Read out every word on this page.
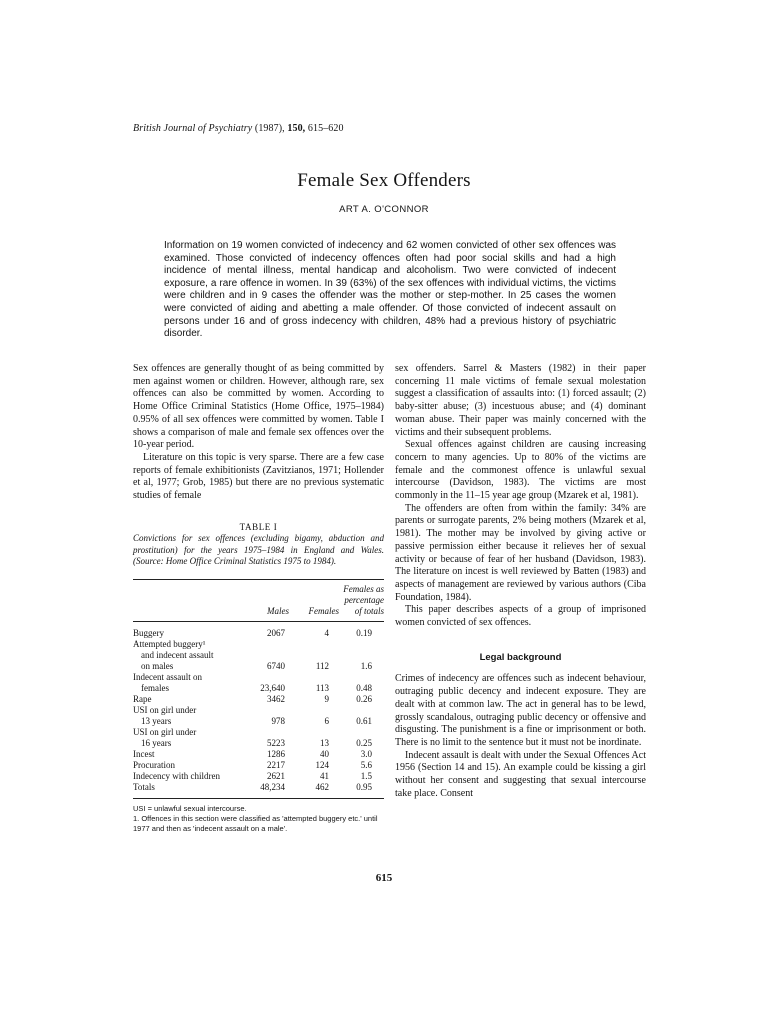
British Journal of Psychiatry (1987), 150, 615–620
Female Sex Offenders
ART A. O'CONNOR

Information on 19 women convicted of indecency and 62 women convicted of other sex offences was examined. Those convicted of indecency offences often had poor social skills and had a high incidence of mental illness, mental handicap and alcoholism. Two were convicted of indecent exposure, a rare offence in women. In 39 (63%) of the sex offences with individual victims, the victims were children and in 9 cases the offender was the mother or step-mother. In 25 cases the women were convicted of aiding and abetting a male offender. Of those convicted of indecent assault on persons under 16 and of gross indecency with children, 48% had a previous history of psychiatric disorder.

Sex offences are generally thought of as being committed by men against women or children. However, although rare, sex offences can also be committed by women. According to Home Office Criminal Statistics (Home Office, 1975–1984) 0.95% of all sex offences were committed by women. Table I shows a comparison of male and female sex offences over the 10-year period.

Literature on this topic is very sparse. There are a few case reports of female exhibitionists (Zavitzianos, 1971; Hollender et al, 1977; Grob, 1985) but there are no previous systematic studies of female

TABLE I

Convictions for sex offences (excluding bigamy, abduction and prostitution) for the years 1975–1984 in England and Wales. (Source: Home Office Criminal Statistics 1975 to 1984).

	Males	Females	Females as percentage of totals
Buggery	2067	4	0.19
Attempted buggery¹			
and indecent assault			
on males	6740	112	1.6
Indecent assault on			
females	23,640	113	0.48
Rape	3462	9	0.26
USI on girl under			
13 years	978	6	0.61
USI on girl under			
16 years	5223	13	0.25
Incest	1286	40	3.0
Procuration	2217	124	5.6
Indecency with children	2621	41	1.5
Totals	48,234	462	0.95
USI = unlawful sexual intercourse.
1. Offences in this section were classified as 'attempted buggery etc.' until 1977 and then as 'indecent assault on a male'.

sex offenders. Sarrel & Masters (1982) in their paper concerning 11 male victims of female sexual molestation suggest a classification of assaults into: (1) forced assault; (2) baby-sitter abuse; (3) incestuous abuse; and (4) dominant woman abuse. Their paper was mainly concerned with the victims and their subsequent problems.

Sexual offences against children are causing increasing concern to many agencies. Up to 80% of the victims are female and the commonest offence is unlawful sexual intercourse (Davidson, 1983). The victims are most commonly in the 11–15 year age group (Mzarek et al, 1981).

The offenders are often from within the family: 34% are parents or surrogate parents, 2% being mothers (Mzarek et al, 1981). The mother may be involved by giving active or passive permission either because it relieves her of sexual activity or because of fear of her husband (Davidson, 1983). The literature on incest is well reviewed by Batten (1983) and aspects of management are reviewed by various authors (Ciba Foundation, 1984).

This paper describes aspects of a group of imprisoned women convicted of sex offences.

Legal background

Crimes of indecency are offences such as indecent behaviour, outraging public decency and indecent exposure. They are dealt with at common law. The act in general has to be lewd, grossly scandalous, outraging public decency or offensive and disgusting. The punishment is a fine or imprisonment or both. There is no limit to the sentence but it must not be inordinate.

Indecent assault is dealt with under the Sexual Offences Act 1956 (Section 14 and 15). An example could be kissing a girl without her consent and suggesting that sexual intercourse take place. Consent

615
